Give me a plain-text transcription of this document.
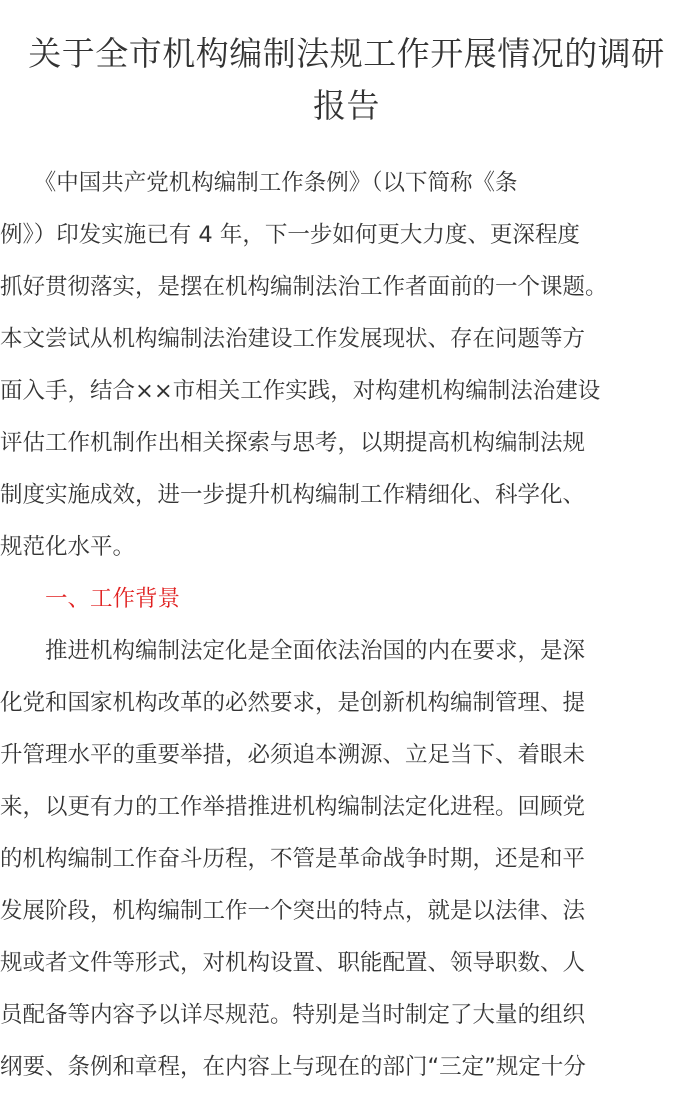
关于全市机构编制法规工作开展情况的调研
报告

　　《中国共产党机构编制工作条例》（以下简称《条

例》）印发实施已有 4 年，下一步如何更大力度、更深程度

抓好贯彻落实，是摆在机构编制法治工作者面前的一个课题。

本文尝试从机构编制法治建设工作发展现状、存在问题等方

面入手，结合××市相关工作实践，对构建机构编制法治建设

评估工作机制作出相关探索与思考，以期提高机构编制法规

制度实施成效，进一步提升机构编制工作精细化、科学化、

规范化水平。

　　一、工作背景

　　推进机构编制法定化是全面依法治国的内在要求，是深

化党和国家机构改革的必然要求，是创新机构编制管理、提

升管理水平的重要举措，必须追本溯源、立足当下、着眼未

来，以更有力的工作举措推进机构编制法定化进程。回顾党

的机构编制工作奋斗历程，不管是革命战争时期，还是和平

发展阶段，机构编制工作一个突出的特点，就是以法律、法

规或者文件等形式，对机构设置、职能配置、领导职数、人

员配备等内容予以详尽规范。特别是当时制定了大量的组织

纲要、条例和章程，在内容上与现在的部门“三定”规定十分
